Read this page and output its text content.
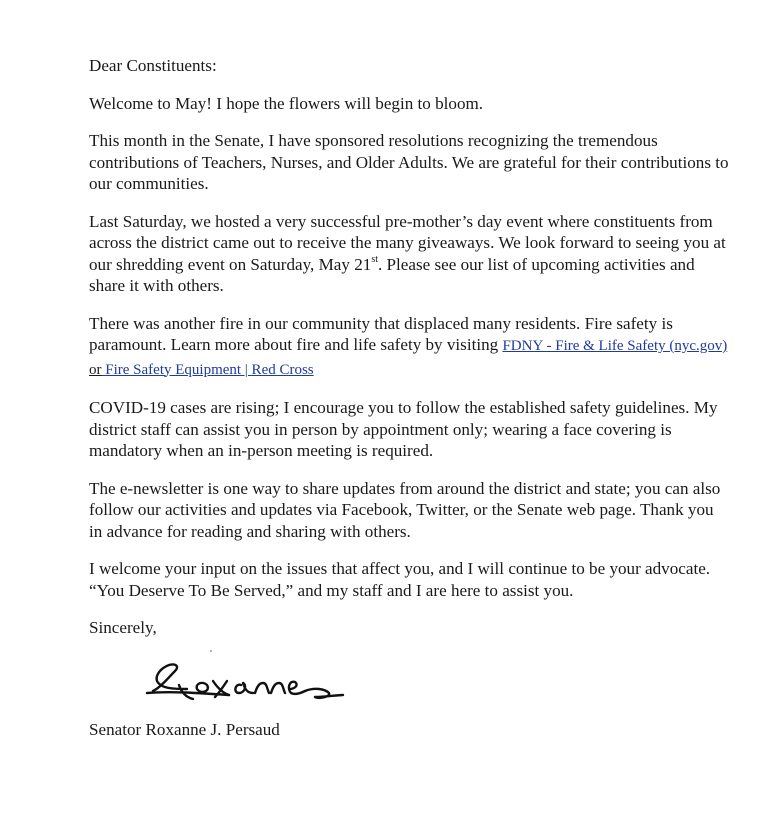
Dear Constituents:

Welcome to May! I hope the flowers will begin to bloom.

This month in the Senate, I have sponsored resolutions recognizing the tremendous contributions of Teachers, Nurses, and Older Adults. We are grateful for their contributions to our communities.

Last Saturday, we hosted a very successful pre-mother’s day event where constituents from across the district came out to receive the many giveaways. We look forward to seeing you at our shredding event on Saturday, May 21st. Please see our list of upcoming activities and share it with others.

There was another fire in our community that displaced many residents. Fire safety is paramount. Learn more about fire and life safety by visiting FDNY - Fire & Life Safety (nyc.gov) or Fire Safety Equipment | Red Cross

COVID-19 cases are rising; I encourage you to follow the established safety guidelines. My district staff can assist you in person by appointment only; wearing a face covering is mandatory when an in-person meeting is required.

The e-newsletter is one way to share updates from around the district and state; you can also follow our activities and updates via Facebook, Twitter, or the Senate web page. Thank you in advance for reading and sharing with others.

I welcome your input on the issues that affect you, and I will continue to be your advocate. “You Deserve To Be Served,” and my staff and I are here to assist you.

Sincerely,

Senator Roxanne J. Persaud
